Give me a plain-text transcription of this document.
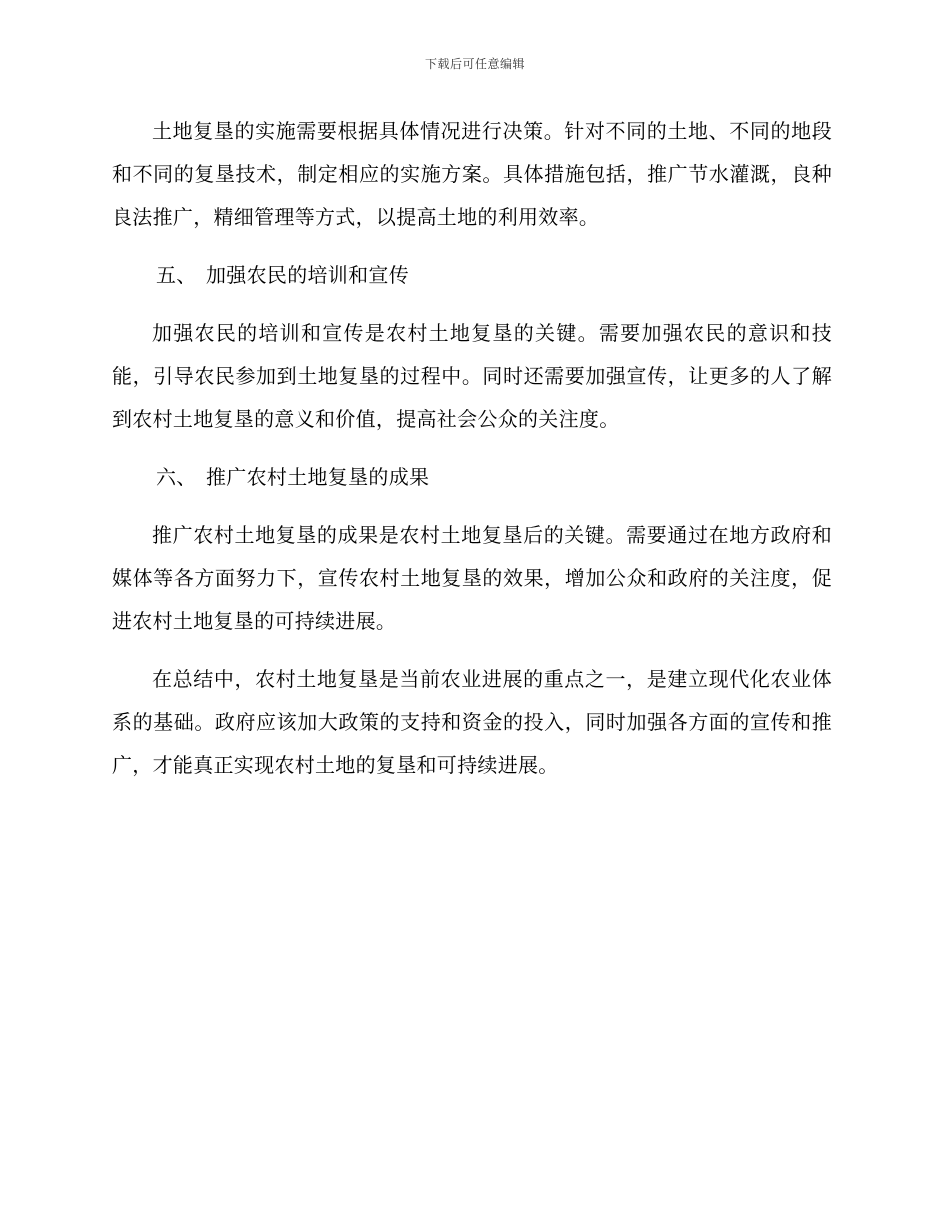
下载后可任意编辑

土地复垦的实施需要根据具体情况进行决策。针对不同的土地、不同的地段和不同的复垦技术，制定相应的实施方案。具体措施包括，推广节水灌溉，良种良法推广，精细管理等方式，以提高土地的利用效率。

五、 加强农民的培训和宣传

加强农民的培训和宣传是农村土地复垦的关键。需要加强农民的意识和技能，引导农民参加到土地复垦的过程中。同时还需要加强宣传，让更多的人了解到农村土地复垦的意义和价值，提高社会公众的关注度。

六、 推广农村土地复垦的成果

推广农村土地复垦的成果是农村土地复垦后的关键。需要通过在地方政府和媒体等各方面努力下，宣传农村土地复垦的效果，增加公众和政府的关注度，促进农村土地复垦的可持续进展。

在总结中，农村土地复垦是当前农业进展的重点之一，是建立现代化农业体系的基础。政府应该加大政策的支持和资金的投入，同时加强各方面的宣传和推广，才能真正实现农村土地的复垦和可持续进展。
